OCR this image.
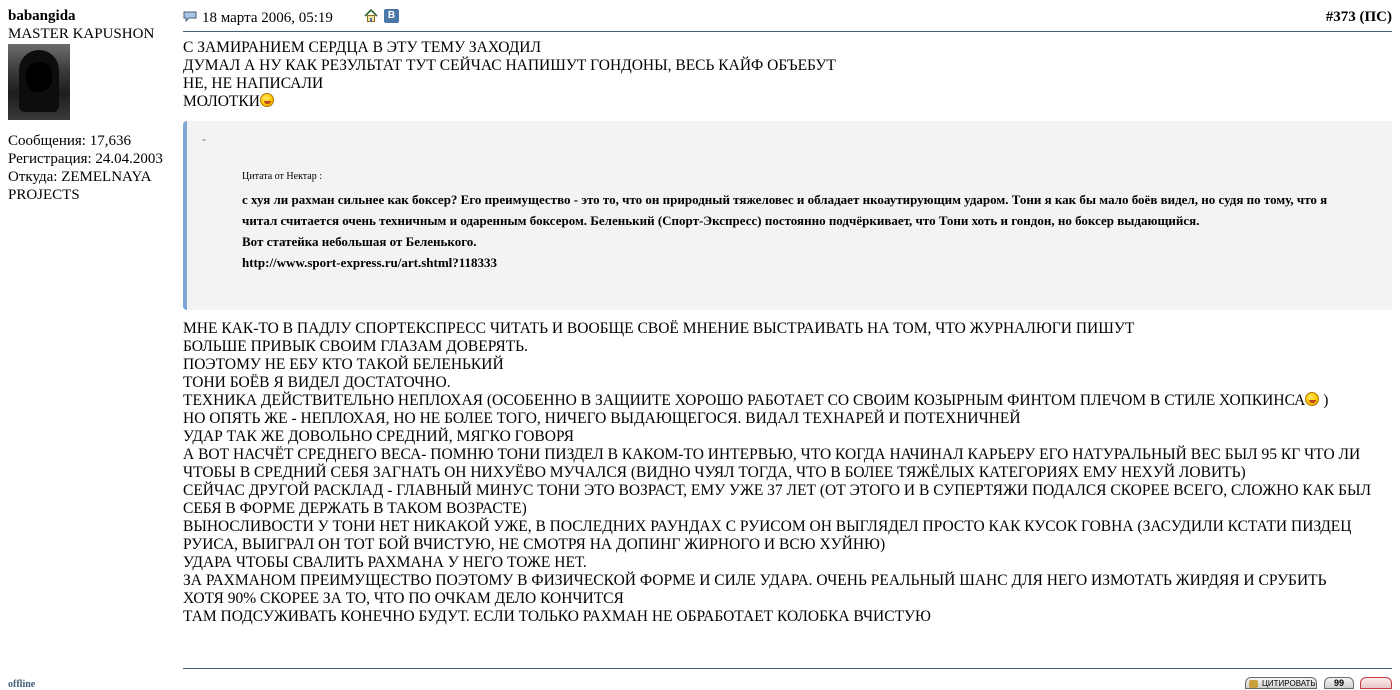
babangida
MASTER KAPUSHON
Сообщения: 17,636
Регистрация: 24.04.2003
Откуда: ZEMELNAYA PROJECTS
offline
18 марта 2006, 05:19	В	#373 (ПС)
С ЗАМИРАНИЕМ СЕРДЦА В ЭТУ ТЕМУ ЗАХОДИЛ
ДУМАЛ А НУ КАК РЕЗУЛЬТАТ ТУТ СЕЙЧАС НАПИШУТ ГОНДОНЫ, ВЕСЬ КАЙФ ОБЪЕБУТ
НЕ, НЕ НАПИСАЛИ
МОЛОТКИ
-
Цитата от Нектар :
с хуя ли рахман сильнее как боксер? Его преимущество - это то, что он природный тяжеловес и обладает нкоаутирующим ударом. Тони я как бы мало боёв видел, но судя по тому, что я читал считается очень техничным и одаренным боксером. Беленький (Спорт-Экспресс) постоянно подчёркивает, что Тони хоть и гондон, но боксер выдающийся.
Вот статейка небольшая от Беленького.
http://www.sport-express.ru/art.shtml?118333
МНЕ КАК-ТО В ПАДЛУ СПОРТЕКСПРЕСС ЧИТАТЬ И ВООБЩЕ СВОЁ МНЕНИЕ ВЫСТРАИВАТЬ НА ТОМ, ЧТО ЖУРНАЛЮГИ ПИШУТ
БОЛЬШЕ ПРИВЫК СВОИМ ГЛАЗАМ ДОВЕРЯТЬ.
ПОЭТОМУ НЕ ЕБУ КТО ТАКОЙ БЕЛЕНЬКИЙ
ТОНИ БОЁВ Я ВИДЕЛ ДОСТАТОЧНО.
ТЕХНИКА ДЕЙСТВИТЕЛЬНО НЕПЛОХАЯ (ОСОБЕННО В ЗАЩИИТЕ ХОРОШО РАБОТАЕТ СО СВОИМ КОЗЫРНЫМ ФИНТОМ ПЛЕЧОМ В СТИЛЕ ХОПКИНСА )
НО ОПЯТЬ ЖЕ - НЕПЛОХАЯ, НО НЕ БОЛЕЕ ТОГО, НИЧЕГО ВЫДАЮЩЕГОСЯ. ВИДАЛ ТЕХНАРЕЙ И ПОТЕХНИЧНЕЙ
УДАР ТАК ЖЕ ДОВОЛЬНО СРЕДНИЙ, МЯГКО ГОВОРЯ
А ВОТ НАСЧЁТ СРЕДНЕГО ВЕСА- ПОМНЮ ТОНИ ПИЗДЕЛ В КАКОМ-ТО ИНТЕРВЬЮ, ЧТО КОГДА НАЧИНАЛ КАРЬЕРУ ЕГО НАТУРАЛЬНЫЙ ВЕС БЫЛ 95 КГ ЧТО ЛИ
ЧТОБЫ В СРЕДНИЙ СЕБЯ ЗАГНАТЬ ОН НИХУЁВО МУЧАЛСЯ (ВИДНО ЧУЯЛ ТОГДА, ЧТО В БОЛЕЕ ТЯЖЁЛЫХ КАТЕГОРИЯХ ЕМУ НЕХУЙ ЛОВИТЬ)
СЕЙЧАС ДРУГОЙ РАСКЛАД - ГЛАВНЫЙ МИНУС ТОНИ ЭТО ВОЗРАСТ, ЕМУ УЖЕ 37 ЛЕТ (ОТ ЭТОГО И В СУПЕРТЯЖИ ПОДАЛСЯ СКОРЕЕ ВСЕГО, СЛОЖНО КАК БЫЛ СЕБЯ В ФОРМЕ ДЕРЖАТЬ В ТАКОМ ВОЗРАСТЕ)
ВЫНОСЛИВОСТИ У ТОНИ НЕТ НИКАКОЙ УЖЕ, В ПОСЛЕДНИХ РАУНДАХ С РУИСОМ ОН ВЫГЛЯДЕЛ ПРОСТО КАК КУСОК ГОВНА (ЗАСУДИЛИ КСТАТИ ПИЗДЕЦ РУИСА, ВЫИГРАЛ ОН ТОТ БОЙ ВЧИСТУЮ, НЕ СМОТРЯ НА ДОПИНГ ЖИРНОГО И ВСЮ ХУЙНЮ)
УДАРА ЧТОБЫ СВАЛИТЬ РАХМАНА У НЕГО ТОЖЕ НЕТ.
ЗА РАХМАНОМ ПРЕИМУЩЕСТВО ПОЭТОМУ В ФИЗИЧЕСКОЙ ФОРМЕ И СИЛЕ УДАРА. ОЧЕНЬ РЕАЛЬНЫЙ ШАНС ДЛЯ НЕГО ИЗМОТАТЬ ЖИРДЯЯ И СРУБИТЬ
ХОТЯ 90% СКОРЕЕ ЗА ТО, ЧТО ПО ОЧКАМ ДЕЛО КОНЧИТСЯ
ТАМ ПОДСУЖИВАТЬ КОНЕЧНО БУДУТ. ЕСЛИ ТОЛЬКО РАХМАН НЕ ОБРАБОТАЕТ КОЛОБКА ВЧИСТУЮ
ЦИТИРОВАТЬ	99
